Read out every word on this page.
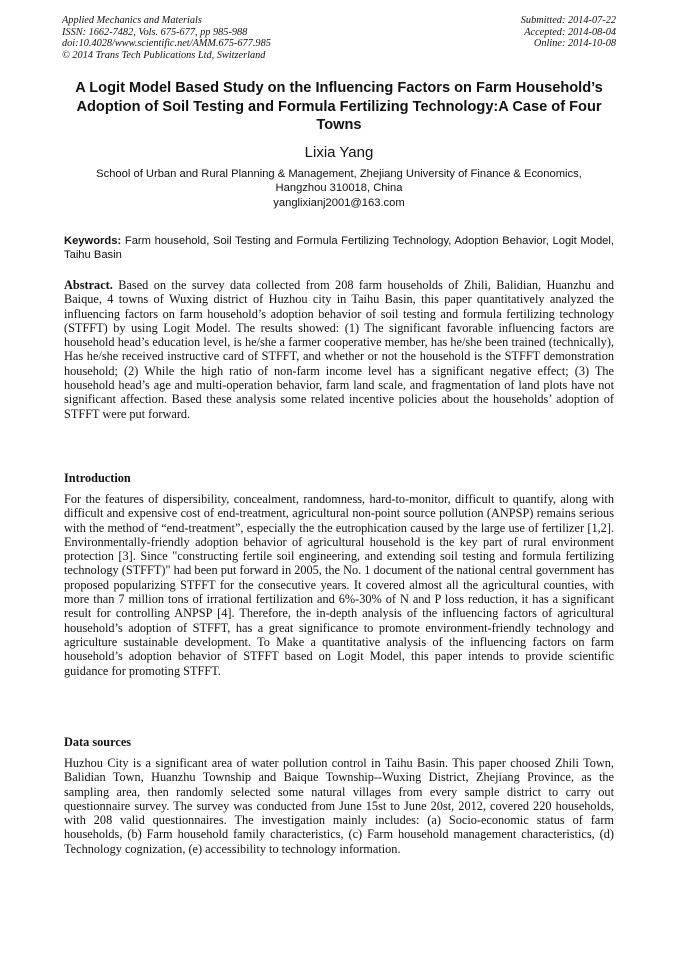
Applied Mechanics and Materials
ISSN: 1662-7482, Vols. 675-677, pp 985-988
doi:10.4028/www.scientific.net/AMM.675-677.985
© 2014 Trans Tech Publications Ltd, Switzerland
Submitted: 2014-07-22
Accepted: 2014-08-04
Online: 2014-10-08
A Logit Model Based Study on the Influencing Factors on Farm Household’s Adoption of Soil Testing and Formula Fertilizing Technology:A Case of Four Towns
Lixia Yang
School of Urban and Rural Planning & Management, Zhejiang University of Finance & Economics,
Hangzhou 310018, China
yanglixianj2001@163.com
Keywords: Farm household, Soil Testing and Formula Fertilizing Technology, Adoption Behavior, Logit Model, Taihu Basin
Abstract. Based on the survey data collected from 208 farm households of Zhili, Balidian, Huanzhu and Baique, 4 towns of Wuxing district of Huzhou city in Taihu Basin, this paper quantitatively analyzed the influencing factors on farm household’s adoption behavior of soil testing and formula fertilizing technology (STFFT) by using Logit Model. The results showed: (1) The significant favorable influencing factors are household head’s education level, is he/she a farmer cooperative member, has he/she been trained (technically), Has he/she received instructive card of STFFT, and whether or not the household is the STFFT demonstration household; (2) While the high ratio of non-farm income level has a significant negative effect; (3) The household head’s age and multi-operation behavior, farm land scale, and fragmentation of land plots have not significant affection. Based these analysis some related incentive policies about the households’ adoption of STFFT were put forward.
Introduction
For the features of dispersibility, concealment, randomness, hard-to-monitor, difficult to quantify, along with difficult and expensive cost of end-treatment, agricultural non-point source pollution (ANPSP) remains serious with the method of “end-treatment”, especially the the eutrophication caused by the large use of fertilizer [1,2]. Environmentally-friendly adoption behavior of agricultural household is the key part of rural environment protection [3]. Since "constructing fertile soil engineering, and extending soil testing and formula fertilizing technology (STFFT)" had been put forward in 2005, the No. 1 document of the national central government has proposed popularizing STFFT for the consecutive years. It covered almost all the agricultural counties, with more than 7 million tons of irrational fertilization and 6%-30% of N and P loss reduction, it has a significant result for controlling ANPSP [4]. Therefore, the in-depth analysis of the influencing factors of agricultural household’s adoption of STFFT, has a great significance to promote environment-friendly technology and agriculture sustainable development. To Make a quantitative analysis of the influencing factors on farm household’s adoption behavior of STFFT based on Logit Model, this paper intends to provide scientific guidance for promoting STFFT.
Data sources
Huzhou City is a significant area of water pollution control in Taihu Basin. This paper choosed Zhili Town, Balidian Town, Huanzhu Township and Baique Township--Wuxing District, Zhejiang Province, as the sampling area, then randomly selected some natural villages from every sample district to carry out questionnaire survey. The survey was conducted from June 15st to June 20st, 2012, covered 220 households, with 208 valid questionnaires. The investigation mainly includes: (a) Socio-economic status of farm households, (b) Farm household family characteristics, (c) Farm household management characteristics, (d) Technology cognization, (e) accessibility to technology information.
